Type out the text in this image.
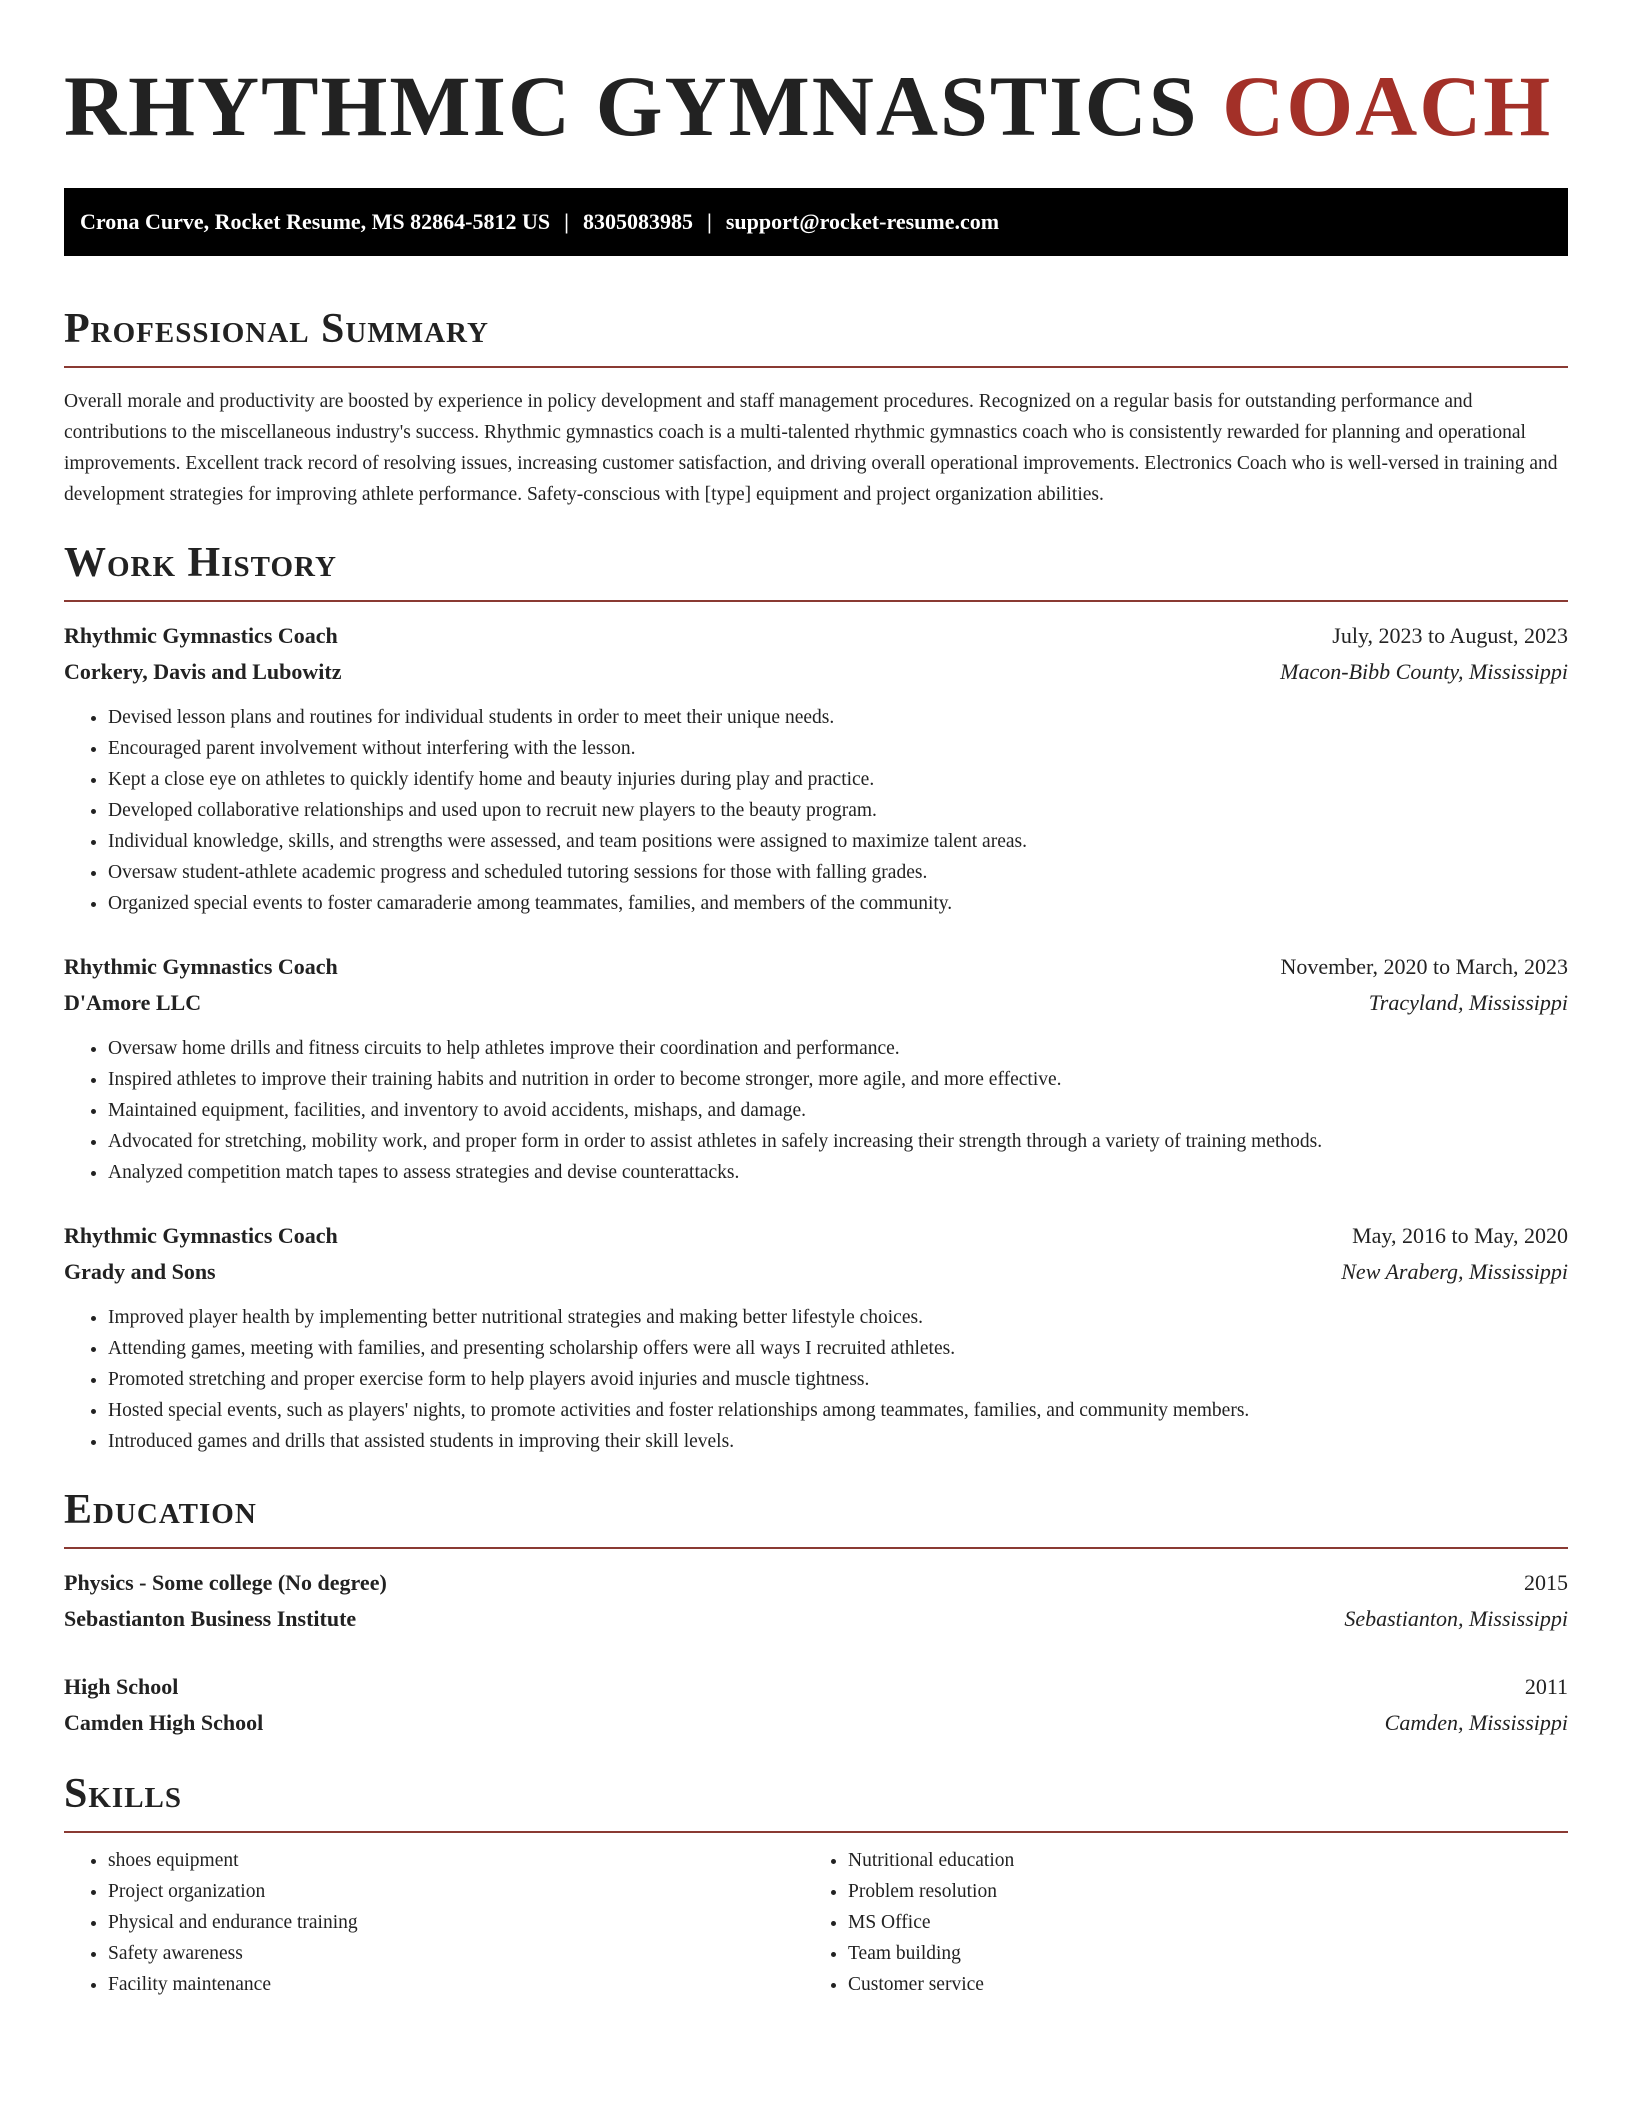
RHYTHMIC GYMNASTICS COACH
Crona Curve, Rocket Resume, MS 82864-5812 US | 8305083985 | support@rocket-resume.com
Professional Summary

Overall morale and productivity are boosted by experience in policy development and staff management procedures. Recognized on a regular basis for outstanding performance and contributions to the miscellaneous industry's success. Rhythmic gymnastics coach is a multi-talented rhythmic gymnastics coach who is consistently rewarded for planning and operational improvements. Excellent track record of resolving issues, increasing customer satisfaction, and driving overall operational improvements. Electronics Coach who is well-versed in training and development strategies for improving athlete performance. Safety-conscious with [type] equipment and project organization abilities.

Work History
Rhythmic Gymnastics Coach	July, 2023 to August, 2023
Corkery, Davis and Lubowitz	Macon-Bibb County, Mississippi
• Devised lesson plans and routines for individual students in order to meet their unique needs.
• Encouraged parent involvement without interfering with the lesson.
• Kept a close eye on athletes to quickly identify home and beauty injuries during play and practice.
• Developed collaborative relationships and used upon to recruit new players to the beauty program.
• Individual knowledge, skills, and strengths were assessed, and team positions were assigned to maximize talent areas.
• Oversaw student-athlete academic progress and scheduled tutoring sessions for those with falling grades.
• Organized special events to foster camaraderie among teammates, families, and members of the community.
Rhythmic Gymnastics Coach	November, 2020 to March, 2023
D'Amore LLC	Tracyland, Mississippi
• Oversaw home drills and fitness circuits to help athletes improve their coordination and performance.
• Inspired athletes to improve their training habits and nutrition in order to become stronger, more agile, and more effective.
• Maintained equipment, facilities, and inventory to avoid accidents, mishaps, and damage.
• Advocated for stretching, mobility work, and proper form in order to assist athletes in safely increasing their strength through a variety of training methods.
• Analyzed competition match tapes to assess strategies and devise counterattacks.
Rhythmic Gymnastics Coach	May, 2016 to May, 2020
Grady and Sons	New Araberg, Mississippi
• Improved player health by implementing better nutritional strategies and making better lifestyle choices.
• Attending games, meeting with families, and presenting scholarship offers were all ways I recruited athletes.
• Promoted stretching and proper exercise form to help players avoid injuries and muscle tightness.
• Hosted special events, such as players' nights, to promote activities and foster relationships among teammates, families, and community members.
• Introduced games and drills that assisted students in improving their skill levels.
Education
Physics - Some college (No degree)	2015
Sebastianton Business Institute	Sebastianton, Mississippi
High School	2011
Camden High School	Camden, Mississippi
Skills
• shoes equipment
• Project organization
• Physical and endurance training
• Safety awareness
• Facility maintenance
• Nutritional education
• Problem resolution
• MS Office
• Team building
• Customer service
